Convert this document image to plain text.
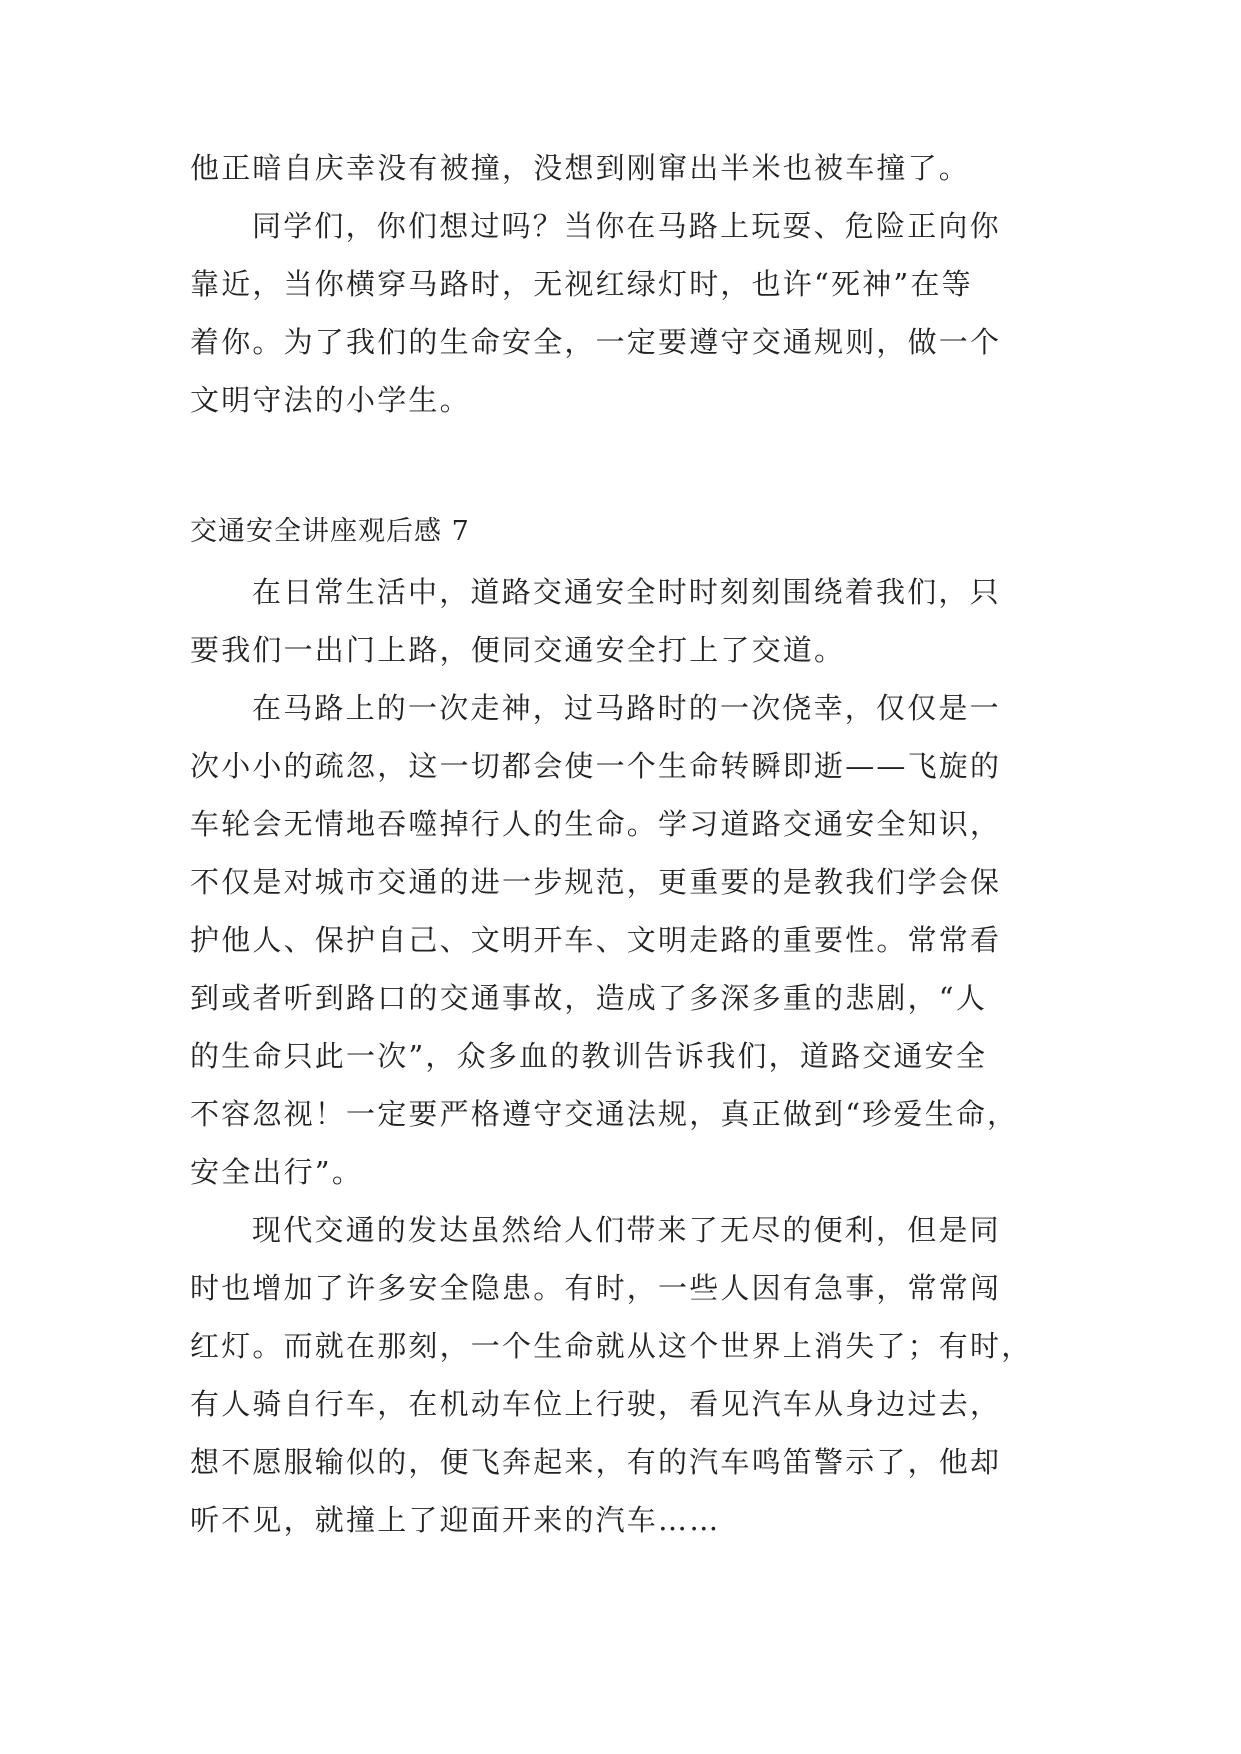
他正暗自庆幸没有被撞，没想到刚窜出半米也被车撞了。
同学们，你们想过吗？当你在马路上玩耍、危险正向你
靠近，当你横穿马路时，无视红绿灯时，也许“死神”在等
着你。为了我们的生命安全，一定要遵守交通规则，做一个
文明守法的小学生。
交通安全讲座观后感 7
在日常生活中，道路交通安全时时刻刻围绕着我们，只
要我们一出门上路，便同交通安全打上了交道。
在马路上的一次走神，过马路时的一次侥幸，仅仅是一
次小小的疏忽，这一切都会使一个生命转瞬即逝——飞旋的
车轮会无情地吞噬掉行人的生命。学习道路交通安全知识，
不仅是对城市交通的进一步规范，更重要的是教我们学会保
护他人、保护自己、文明开车、文明走路的重要性。常常看
到或者听到路口的交通事故，造成了多深多重的悲剧，“人
的生命只此一次”，众多血的教训告诉我们，道路交通安全
不容忽视！一定要严格遵守交通法规，真正做到“珍爱生命，
安全出行”。
现代交通的发达虽然给人们带来了无尽的便利，但是同
时也增加了许多安全隐患。有时，一些人因有急事，常常闯
红灯。而就在那刻，一个生命就从这个世界上消失了；有时，
有人骑自行车，在机动车位上行驶，看见汽车从身边过去，
想不愿服输似的，便飞奔起来，有的汽车鸣笛警示了，他却
听不见，就撞上了迎面开来的汽车……
